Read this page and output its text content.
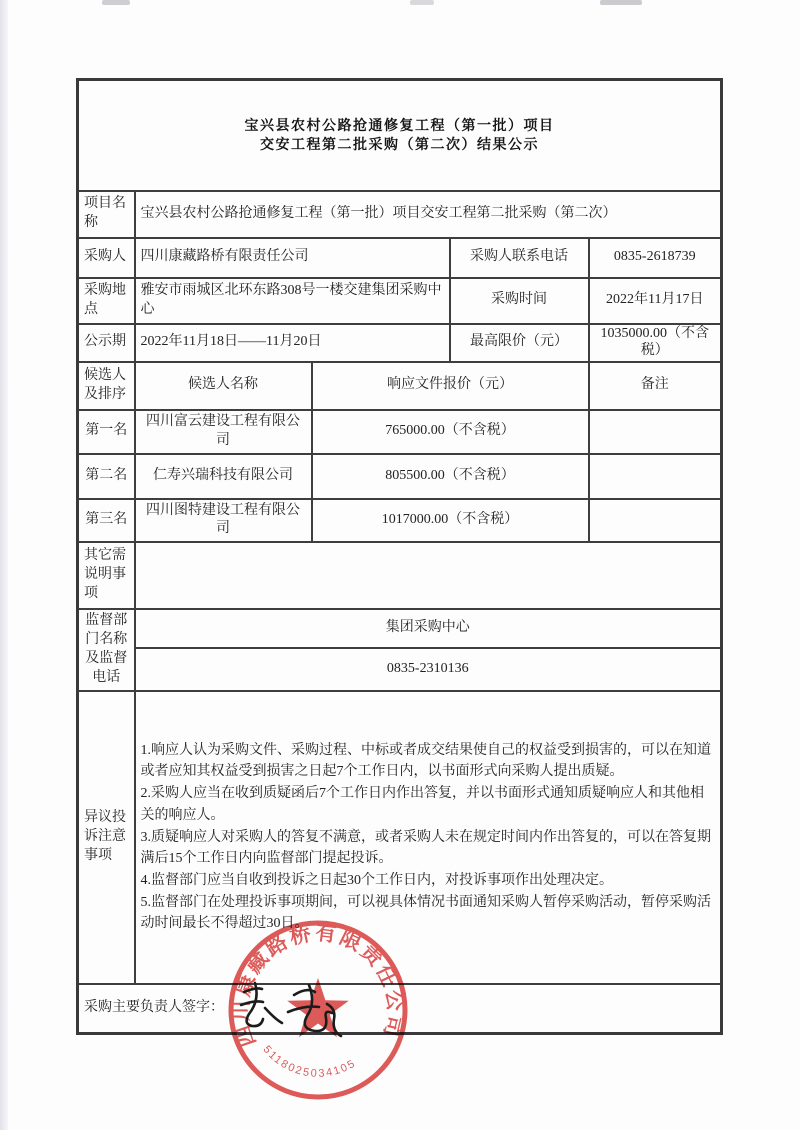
宝兴县农村公路抢通修复工程（第一批）项目
交安工程第二批采购（第二次）结果公示				

项目名称	宝兴县农村公路抢通修复工程（第一批）项目交安工程第二批采购（第二次）			
采购人	四川康藏路桥有限责任公司		采购人联系电话	0835-2618739
采购地点	雅安市雨城区北环东路308号一楼交建集团采购中心		采购时间	2022年11月17日
公示期	2022年11月18日——11月20日		最高限价（元）	1035000.00（不含税）
候选人及排序	候选人名称	响应文件报价（元）		备注
第一名	四川富云建设工程有限公司	765000.00（不含税）		
第二名	仁寿兴瑞科技有限公司	805500.00（不含税）		
第三名	四川图特建设工程有限公司	1017000.00（不含税）		
其它需说明事项				
监督部门名称及监督电话	集团采购中心			
	0835-2310136			
异议投诉注意事项	1.响应人认为采购文件、采购过程、中标或者成交结果使自己的权益受到损害的，可以在知道或者应知其权益受到损害之日起7个工作日内，以书面形式向采购人提出质疑。
2.采购人应当在收到质疑函后7个工作日内作出答复，并以书面形式通知质疑响应人和其他相关的响应人。
3.质疑响应人对采购人的答复不满意，或者采购人未在规定时间内作出答复的，可以在答复期满后15个工作日内向监督部门提起投诉。
4.监督部门应当自收到投诉之日起30个工作日内，对投诉事项作出处理决定。
5.监督部门在处理投诉事项期间，可以视具体情况书面通知采购人暂停采购活动，暂停采购活动时间最长不得超过30日。			

采购主要负责人签字：				
四川康藏路桥有限责任公司
5118025034105
